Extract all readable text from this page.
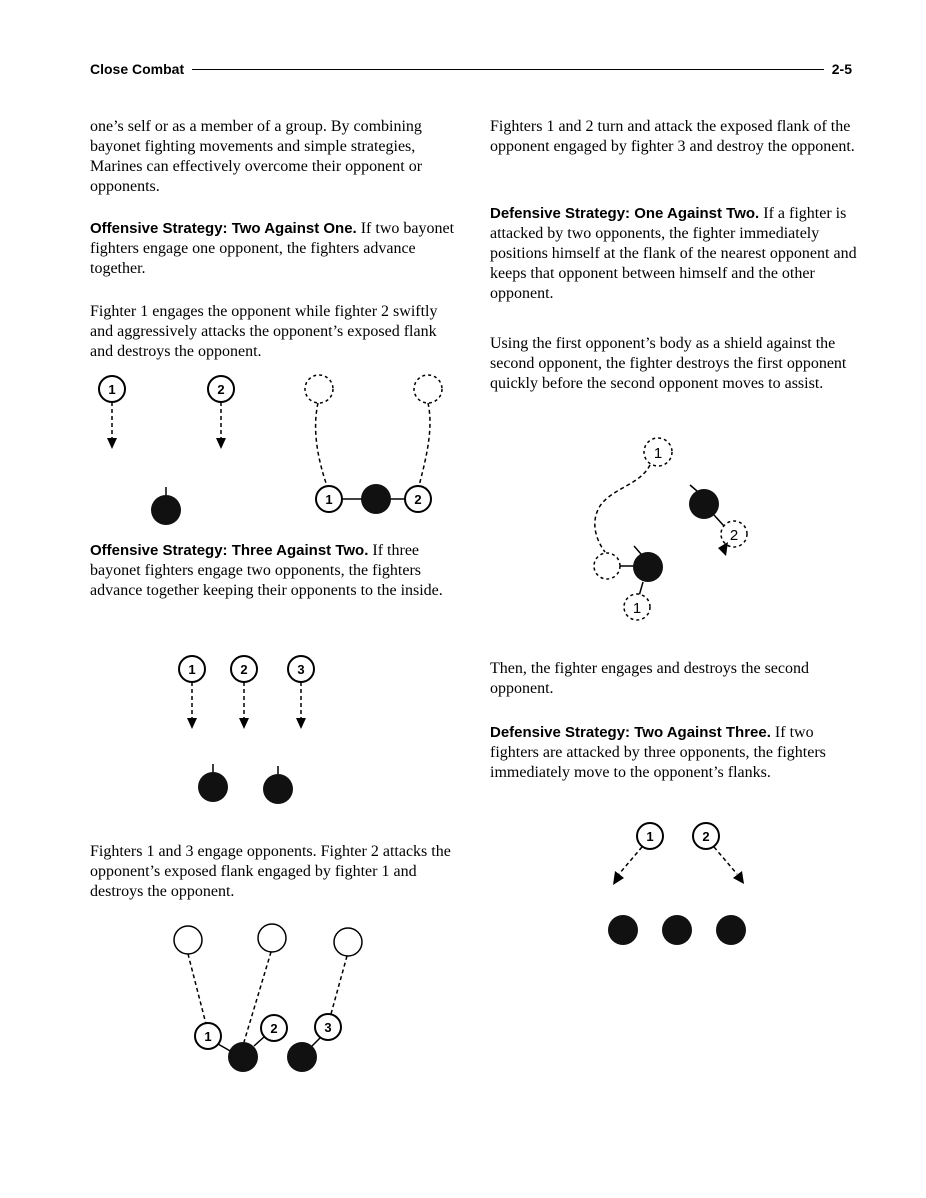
Close Combat	2-5

one’s self or as a member of a group. By combining bayonet fighting movements and simple strategies, Marines can effectively overcome their opponent or opponents.

Offensive Strategy: Two Against One. If two bayonet fighters engage one opponent, the fighters advance together.

Fighter 1 engages the opponent while fighter 2 swiftly and aggressively attacks the opponent’s exposed flank and destroys the opponent.

Offensive Strategy: Three Against Two. If three bayonet fighters engage two opponents, the fighters advance together keeping their opponents to the inside.

Fighters 1 and 3 engage opponents. Fighter 2 attacks the opponent’s exposed flank engaged by fighter 1 and destroys the opponent.

Fighters 1 and 2 turn and attack the exposed flank of the opponent engaged by fighter 3 and destroy the opponent.

Defensive Strategy: One Against Two. If a fighter is attacked by two opponents, the fighter immediately positions himself at the flank of the nearest opponent and keeps that opponent between himself and the other opponent.

Using the first opponent’s body as a shield against the second opponent, the fighter destroys the first opponent quickly before the second opponent moves to assist.

Then, the fighter engages and destroys the second opponent.

Defensive Strategy: Two Against Three. If two fighters are attacked by three opponents, the fighters immediately move to the opponent’s flanks.

1	2
1	2
1	2	3
1
2	3
1
1
2
1	2
